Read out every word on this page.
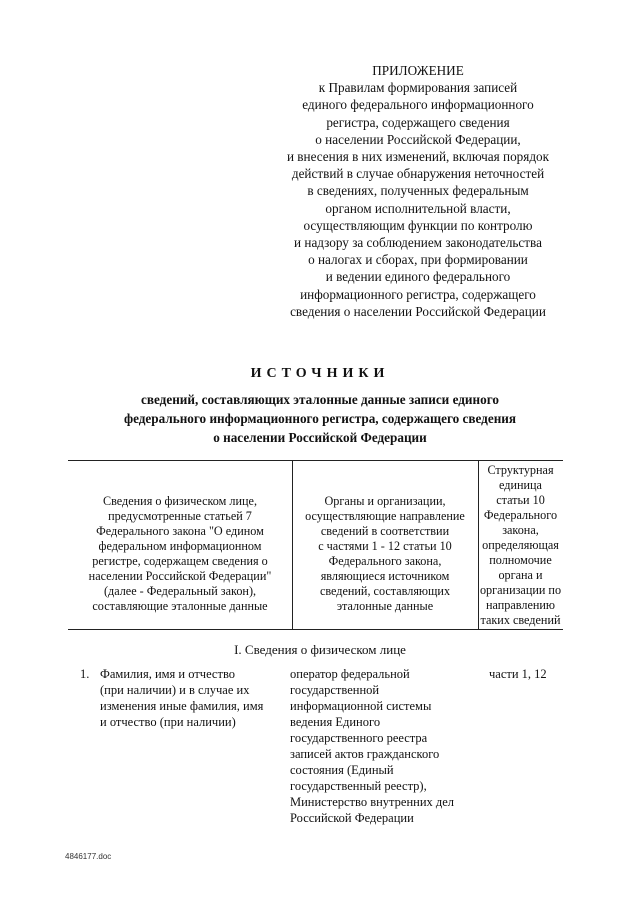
ПРИЛОЖЕНИЕ
к Правилам формирования записей
единого федерального информационного
регистра, содержащего сведения
о населении Российской Федерации,
и внесения в них изменений, включая порядок
действий в случае обнаружения неточностей
в сведениях, полученных федеральным
органом исполнительной власти,
осуществляющим функции по контролю
и надзору за соблюдением законодательства
о налогах и сборах, при формировании
и ведении единого федерального
информационного регистра, содержащего
сведения о населении Российской Федерации
ИСТОЧНИКИ
сведений, составляющих эталонные данные записи единого
федерального информационного регистра, содержащего сведения
о населении Российской Федерации
Сведения о физическом лице,
предусмотренные статьей 7
Федерального закона "О едином
федеральном информационном
регистре, содержащем сведения о
населении Российской Федерации"
(далее - Федеральный закон),
составляющие эталонные данные
Органы и организации,
осуществляющие направление
сведений в соответствии
с частями 1 - 12 статьи 10
Федерального закона,
являющиеся источником
сведений, составляющих
эталонные данные
Структурная
единица
статьи 10
Федерального
закона,
определяющая
полномочие
органа и
организации по
направлению
таких сведений
I. Сведения о физическом лице
1. Фамилия, имя и отчество
(при наличии) и в случае их
изменения иные фамилия, имя
и отчество (при наличии)
оператор федеральной
государственной
информационной системы
ведения Единого
государственного реестра
записей актов гражданского
состояния (Единый
государственный реестр),
Министерство внутренних дел
Российской Федерации
части 1, 12
4846177.doc
